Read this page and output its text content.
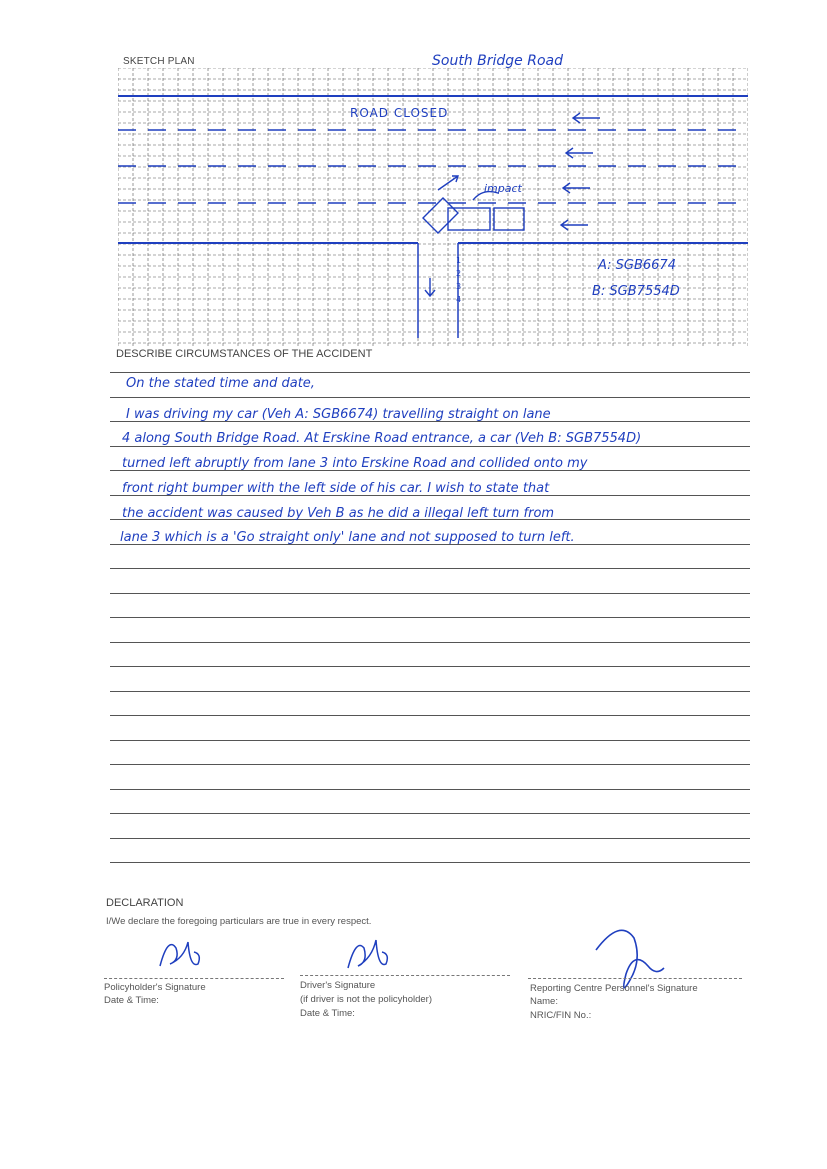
SKETCH PLAN	South Bridge Road
1
2
3
4
ROAD CLOSED
impact
A: SGB6674
B: SGB7554D
DESCRIBE CIRCUMSTANCES OF THE ACCIDENT
On the stated time and date,
I was driving my car (Veh A: SGB6674) travelling straight on lane
4 along South Bridge Road. At Erskine Road entrance, a car (Veh B: SGB7554D)
turned left abruptly from lane 3 into Erskine Road and collided onto my
front right bumper with the left side of his car. I wish to state that
the accident was caused by Veh B as he did a illegal left turn from
lane 3 which is a 'Go straight only' lane and not supposed to turn left.
DECLARATION
I/We declare the foregoing particulars are true in every respect.
Policyholder's Signature
Date & Time:
Driver's Signature
(if driver is not the policyholder)
Date & Time:
Reporting Centre Personnel's Signature
Name:
NRIC/FIN No.:
